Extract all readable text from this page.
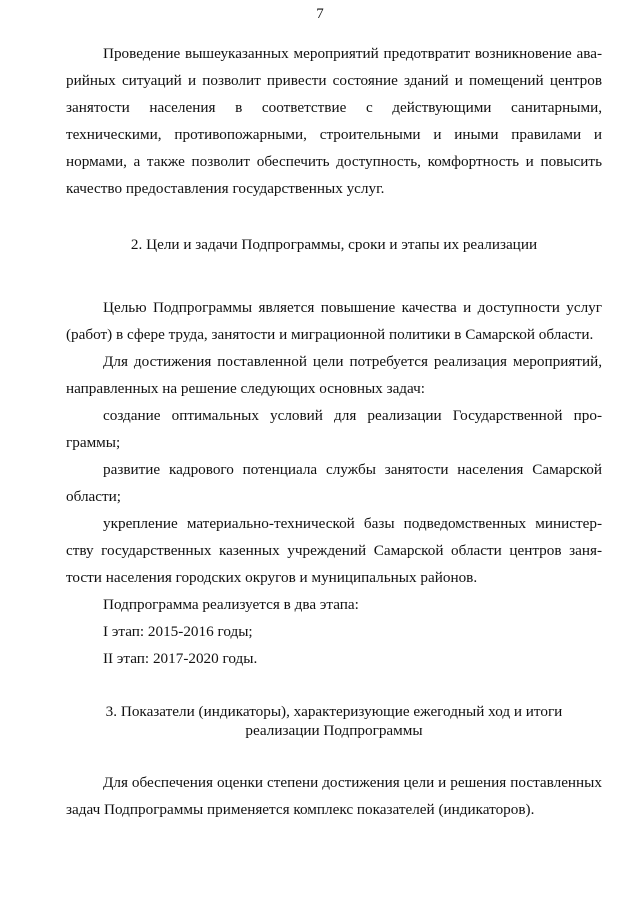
7

Проведение вышеуказанных мероприятий предотвратит возникновение аварийных ситуаций и позволит привести состояние зданий и помещений центров занятости населения в соответствие с действующими санитарными, техническими, противопожарными, строительными и иными правилами и нормами, а также позволит обеспечить доступность, комфортность и повысить качество предоставления государственных услуг.

2. Цели и задачи Подпрограммы, сроки и этапы их реализации

Целью Подпрограммы является повышение качества и доступности услуг (работ) в сфере труда, занятости и миграционной политики в Самарской области.

Для достижения поставленной цели потребуется реализация мероприятий, направленных на решение следующих основных задач:

создание оптимальных условий для реализации Государственной программы;

развитие кадрового потенциала службы занятости населения Самарской области;

укрепление материально-технической базы подведомственных министерству государственных казенных учреждений Самарской области центров занятости населения городских округов и муниципальных районов.

Подпрограмма реализуется в два этапа:

I этап: 2015-2016 годы;

II этап: 2017-2020 годы.

3. Показатели (индикаторы), характеризующие ежегодный ход и итоги

реализации Подпрограммы

Для обеспечения оценки степени достижения цели и решения поставленных задач Подпрограммы применяется комплекс показателей (индикаторов).
